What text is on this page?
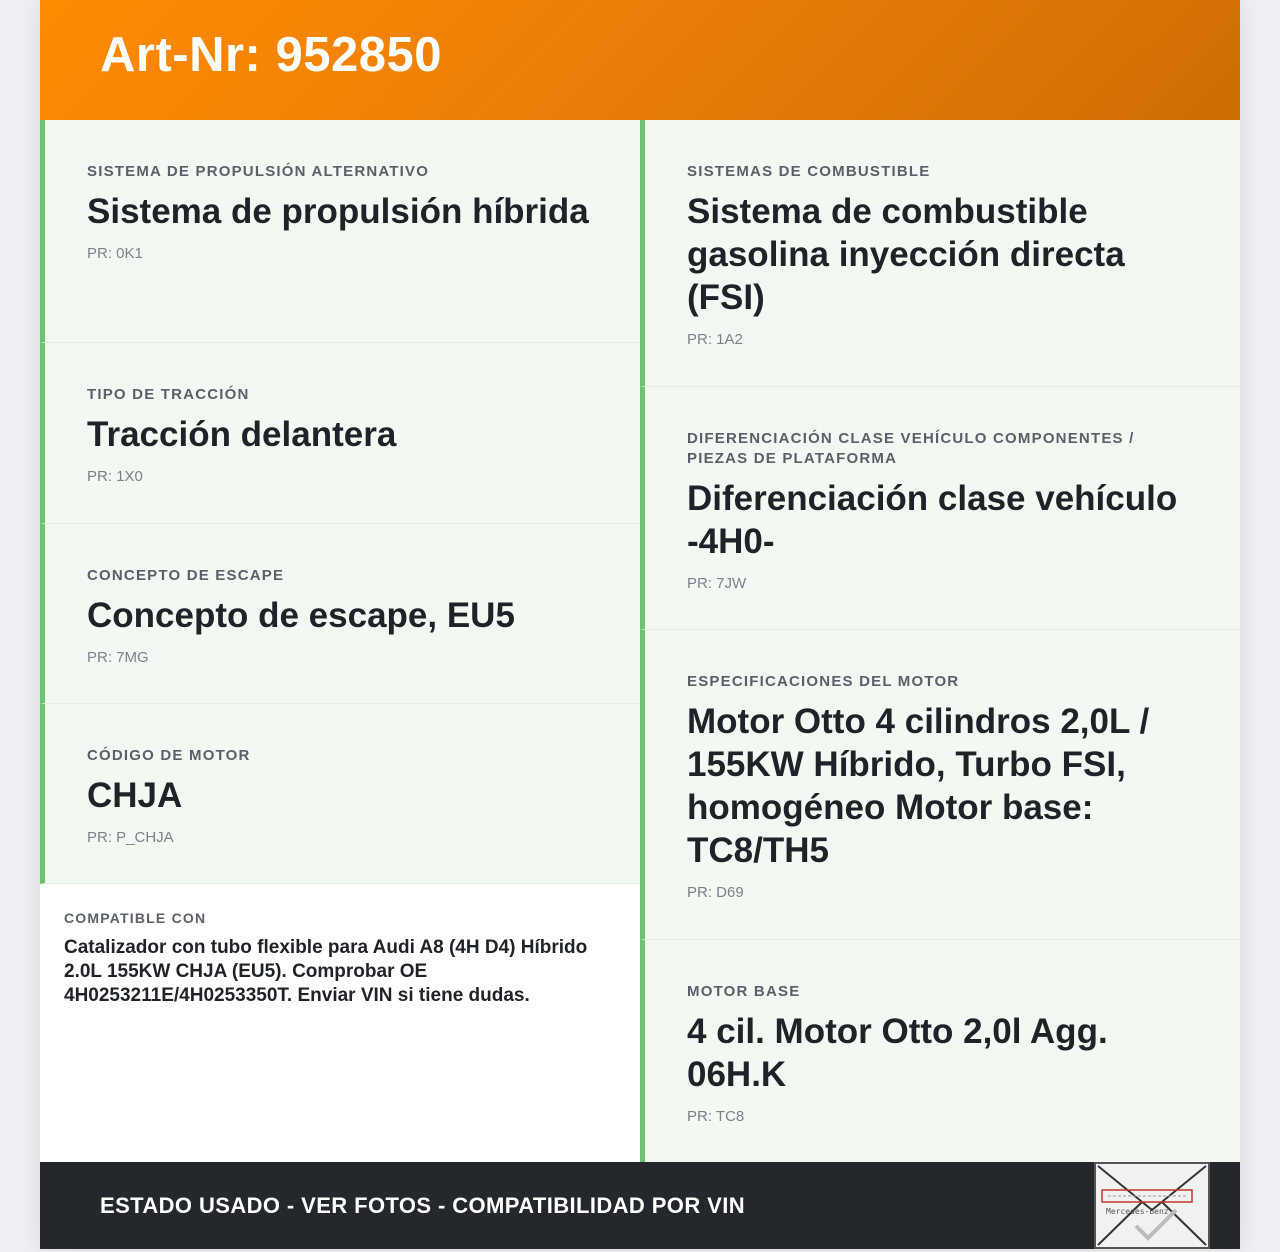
Art-Nr: 952850
SISTEMA DE PROPULSIÓN ALTERNATIVO
Sistema de propulsión híbrida
PR: 0K1
TIPO DE TRACCIÓN
Tracción delantera
PR: 1X0
CONCEPTO DE ESCAPE
Concepto de escape, EU5
PR: 7MG
CÓDIGO DE MOTOR
CHJA
PR: P_CHJA
COMPATIBLE CON
Catalizador con tubo flexible para Audi A8 (4H D4) Híbrido 2.0L 155KW CHJA (EU5). Comprobar OE 4H0253211E/4H0253350T. Enviar VIN si tiene dudas.
SISTEMAS DE COMBUSTIBLE
Sistema de combustible gasolina inyección directa (FSI)
PR: 1A2
DIFERENCIACIÓN CLASE VEHÍCULO COMPONENTES / PIEZAS DE PLATAFORMA
Diferenciación clase vehículo -4H0-
PR: 7JW
ESPECIFICACIONES DEL MOTOR
Motor Otto 4 cilindros 2,0L / 155KW Híbrido, Turbo FSI, homogéneo Motor base: TC8/TH5
PR: D69
MOTOR BASE
4 cil. Motor Otto 2,0l Agg. 06H.K
PR: TC8
ESTADO USADO - VER FOTOS - COMPATIBILIDAD POR VIN	Mercedes-Benz
